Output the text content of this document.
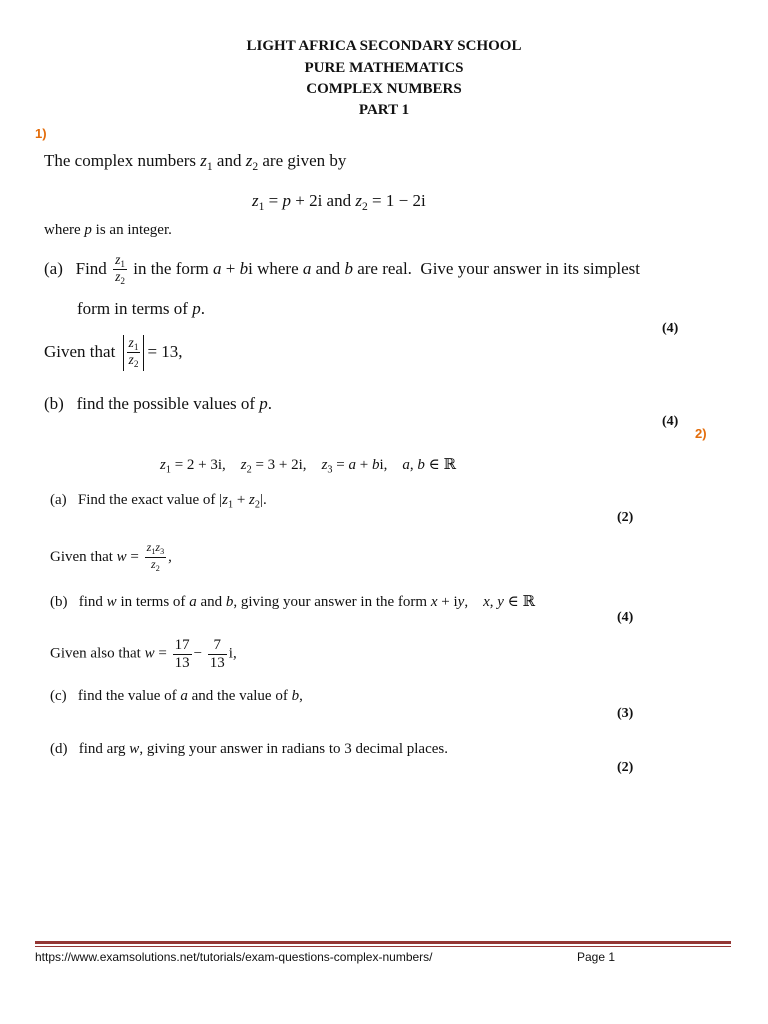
LIGHT AFRICA SECONDARY SCHOOL
PURE MATHEMATICS
COMPLEX NUMBERS
PART 1
1)
The complex numbers $z_1$ and $z_2$ are given by
$z_1 = p + 2i$ and $z_2 = 1 - 2i$
where p is an integer.
(a) Find $\frac{z_1}{z_2}$ in the form a + bi where a and b are real.  Give your answer in its simplest
form in terms of p.
(4)
Given that $\frac{z_1}{z_2} = 13$,
(b)   find the possible values of p.
(4)
2)
$z_1 = 2 + 3i$,    $z_2 = 3 + 2i$,    $z_3 = a$ + bi,    a, b ∈ ℝ
(a)   Find the exact value of $|z_1 + z_2|$.
(2)
Given that $w = \frac{z_1z_3}{z_2}$ ,
(b)   find w in terms of a and b, giving your answer in the form x + iy,    x, y ∈ ℝ
(4)
Given also that $w = \frac{17}{13} - \frac{7}{13} i$,
(c)   find the value of a and the value of b,
(3)
(d)   find arg w, giving your answer in radians to 3 decimal places.
(2)
https://www.examsolutions.net/tutorials/exam-questions-complex-numbers/	Page 1
